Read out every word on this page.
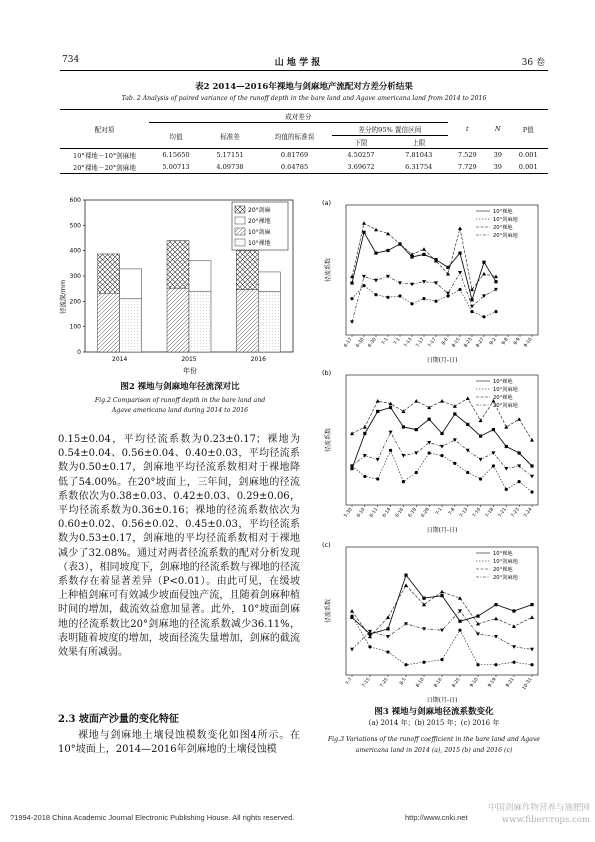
734	山 地 学 报	36 卷
表2 2014—2016年裸地与剑麻地产流配对方差分析结果
Tab. 2 Analysis of paired variance of the runoff depth in the bare land and Agave americana land from 2014 to 2016
配对项	成对差分					t	N	P值
	均值	标准差	均值的标准误	差分的95% 置信区间				
				下限	上限			
10°裸地－10°剑麻地	6.15650	5.17151	0.81769	4.50257	7.81043	7.529	39	0.001
20°裸地－20°剑麻地	5.00713	4.09738	0.64785	3.69672	6.31754	7.729	39	0.001
0
100
200
300
400
500
600
2014	2015	2016
20°剑麻
20°裸地
10°剑麻
10°裸地
径流深/mm
年份
图2 裸地与剑麻地年径流深对比
Fig.2 Comparison of runoff depth in the bare land and
Agave americana land during 2014 to 2016
(a)
径流系数
日期(月-日)
6-17 6-30 6-30 7-1 7-1 7-13 7-17 7-17 8-6 8-15 8-23 8-27 9-2 9-8 9-9 9-10
10°裸地
10°剑麻地
20°裸地
20°剑麻地
(b)
径流系数
日期(月-日)
5-30 6-10 6-11 6-14 6-16 6-18 6-28 7-1 7-8 7-13 7-16 7-18 7-21 7-23 7-24
10°裸地
10°剑麻地
20°裸地
20°剑麻地
(c)
径流系数
日期(月-日)
7-7 7-15 7-25 8-5 8-10 8-16 8-25 9-10 9-19 9-21 10-31
10°裸地
10°剑麻地
20°裸地
20°剑麻地
图3 裸地与剑麻地径流系数变化
(a) 2014 年；(b) 2015 年；(c) 2016 年
Fig.3 Variations of the runoff coefficient in the bare land and Agave
americana land in 2014 (a), 2015 (b) and 2016 (c)

0.15±0.04，平均径流系数为0.23±0.17；裸地为0.54±0.04、0.56±0.04、0.40±0.03，平均径流系数为0.50±0.17，剑麻地平均径流系数相对于裸地降低了54.00%。在20°坡面上，三年间，剑麻地的径流系数依次为0.38±0.03、0.42±0.03、0.29±0.06，平均径流系数为0.36±0.16；裸地的径流系数依次为0.60±0.02、0.56±0.02、0.45±0.03，平均径流系数为0.53±0.17，剑麻地的平均径流系数相对于裸地减少了32.08%。通过对两者径流系数的配对分析发现（表3），相同坡度下，剑麻地的径流系数与裸地的径流系数存在着显著差异（P<0.01）。由此可见，在缓坡上种植剑麻可有效减少坡面侵蚀产流，且随着剑麻种植时间的增加，截流效益愈加显著。此外，10°坡面剑麻地的径流系数比20°剑麻地的径流系数减少36.11%，表明随着坡度的增加，坡面径流失量增加，剑麻的截流效果有所减弱。

2.3 坡面产沙量的变化特征

裸地与剑麻地土壤侵蚀模数变化如图4所示。在10°坡面上，2014—2016年剑麻地的土壤侵蚀模

?1994-2018 China Academic Journal Electronic Publishing House. All rights reserved.	http://www.cnki.net
中国剑麻作物营养与施肥网 www.fibercrops.com
